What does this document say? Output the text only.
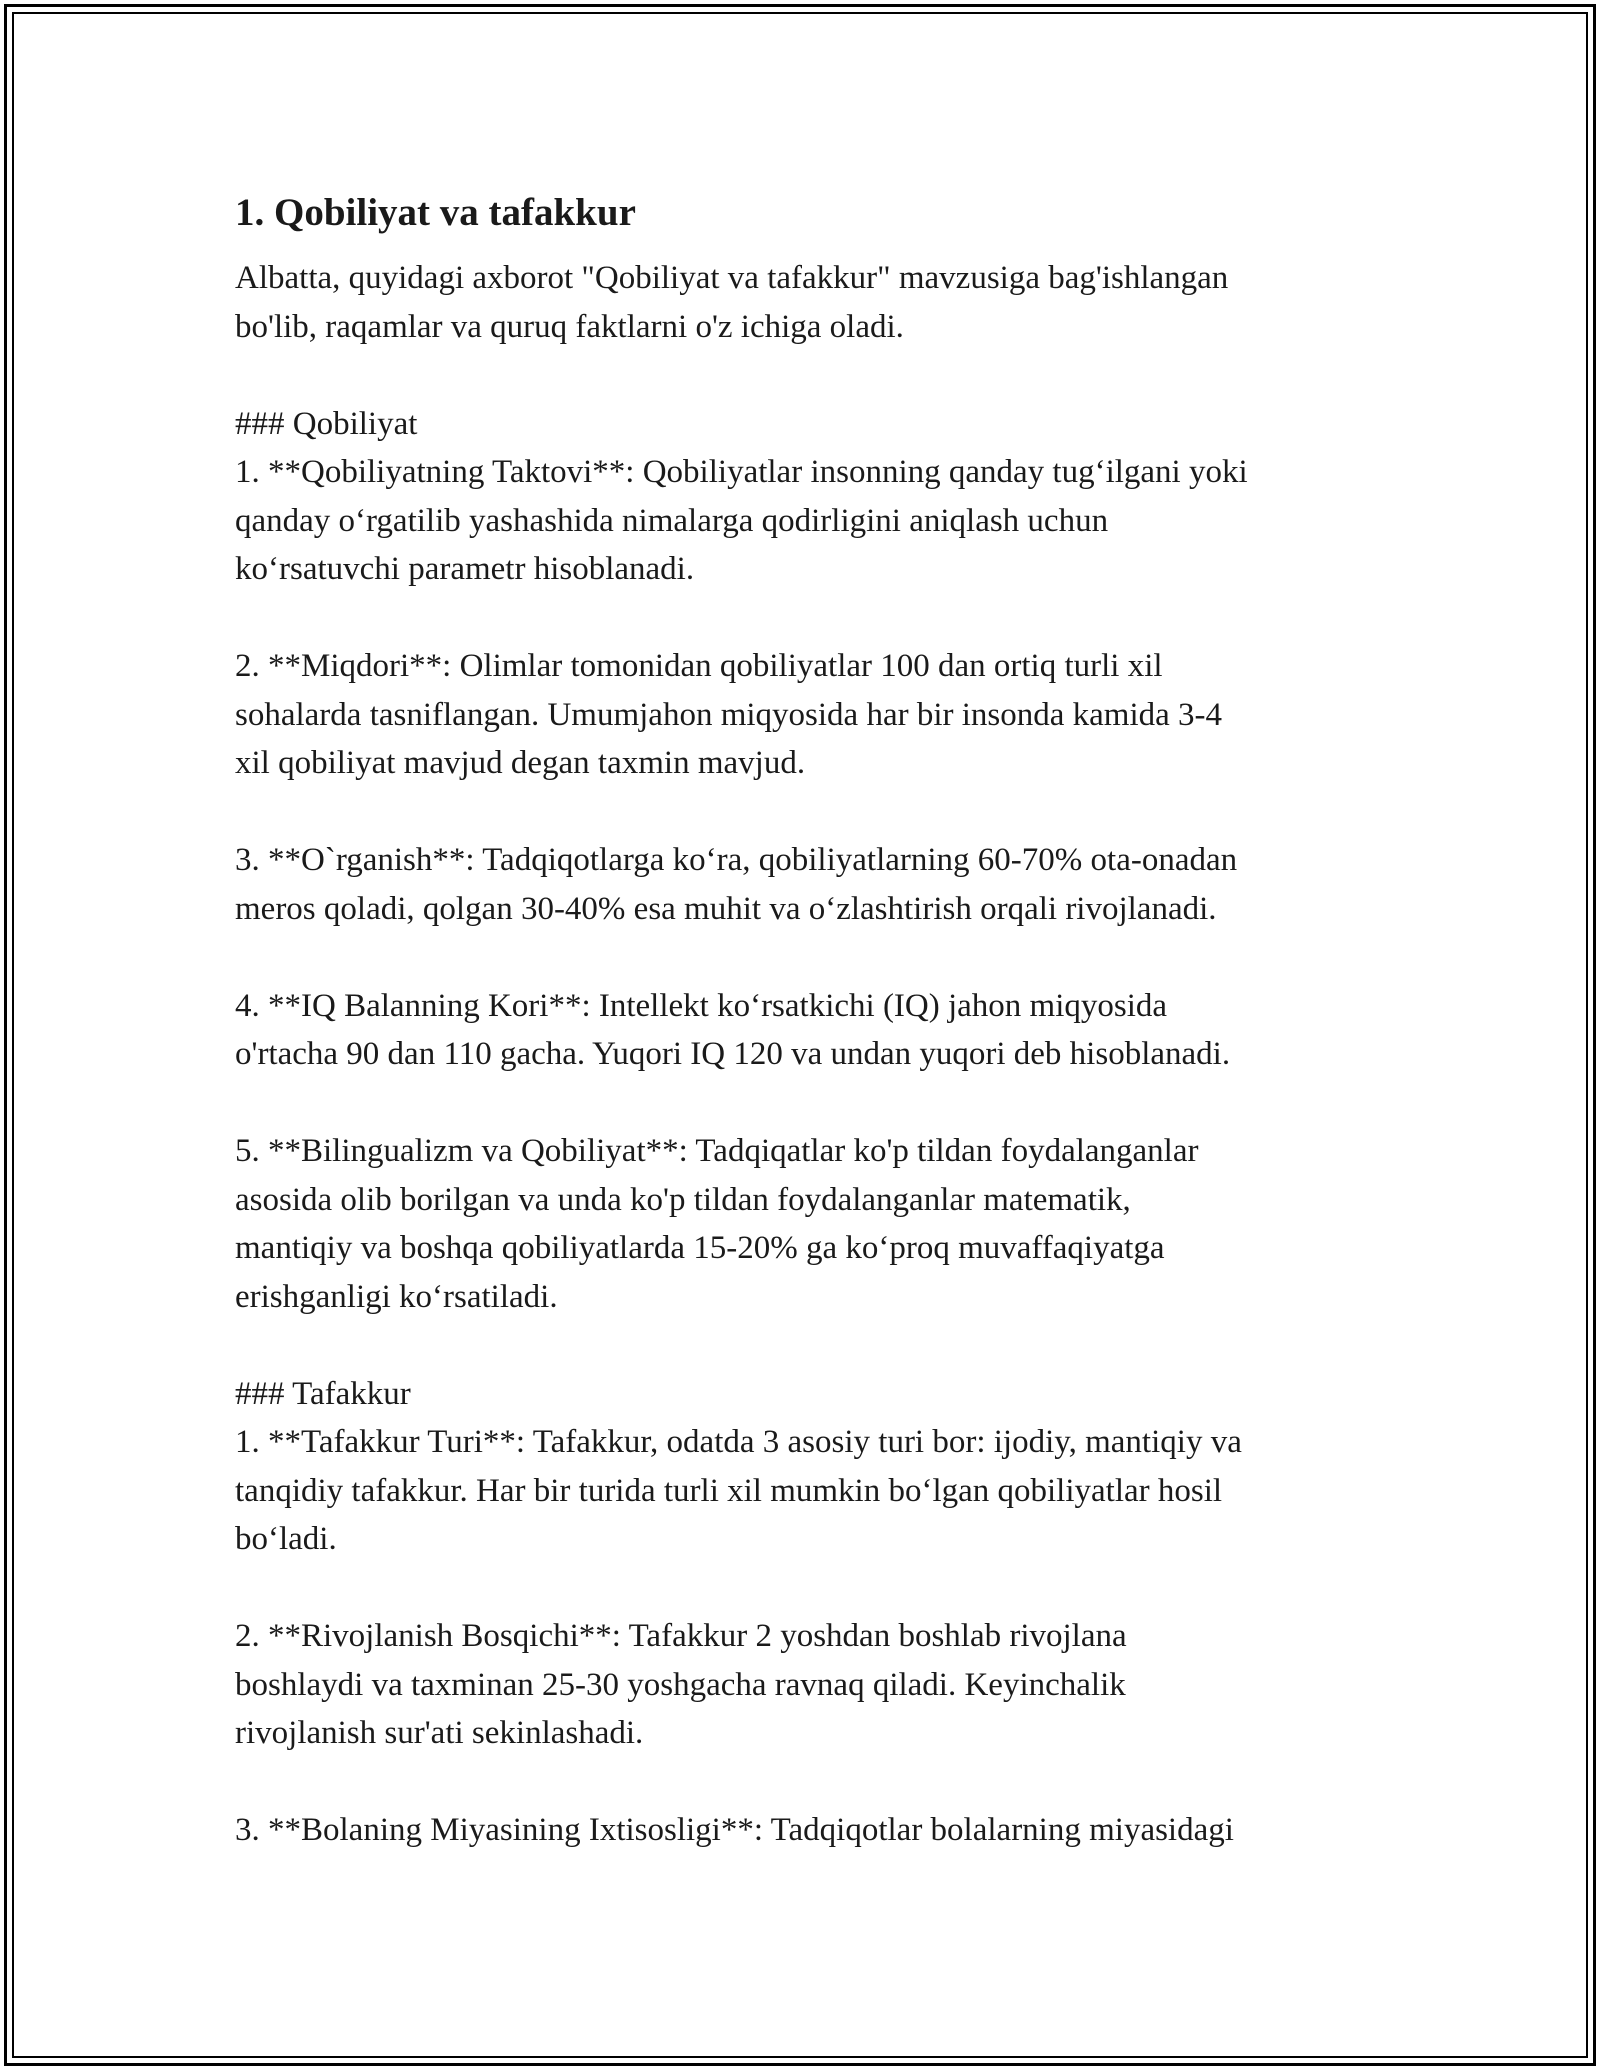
1. Qobiliyat va tafakkur
Albatta, quyidagi axborot "Qobiliyat va tafakkur" mavzusiga bag'ishlangan
bo'lib, raqamlar va quruq faktlarni o'z ichiga oladi.
### Qobiliyat
1. **Qobiliyatning Taktovi**: Qobiliyatlar insonning qanday tug‘ilgani yoki
qanday o‘rgatilib yashashida nimalarga qodirligini aniqlash uchun
ko‘rsatuvchi parametr hisoblanadi.
2. **Miqdori**: Olimlar tomonidan qobiliyatlar 100 dan ortiq turli xil
sohalarda tasniflangan. Umumjahon miqyosida har bir insonda kamida 3-4
xil qobiliyat mavjud degan taxmin mavjud.
3. **O`rganish**: Tadqiqotlarga ko‘ra, qobiliyatlarning 60-70% ota-onadan
meros qoladi, qolgan 30-40% esa muhit va o‘zlashtirish orqali rivojlanadi.
4. **IQ Balanning Kori**: Intellekt ko‘rsatkichi (IQ) jahon miqyosida
o'rtacha 90 dan 110 gacha. Yuqori IQ 120 va undan yuqori deb hisoblanadi.
5. **Bilingualizm va Qobiliyat**: Tadqiqatlar ko'p tildan foydalanganlar
asosida olib borilgan va unda ko'p tildan foydalanganlar matematik,
mantiqiy va boshqa qobiliyatlarda 15-20% ga ko‘proq muvaffaqiyatga
erishganligi ko‘rsatiladi.
### Tafakkur
1. **Tafakkur Turi**: Tafakkur, odatda 3 asosiy turi bor: ijodiy, mantiqiy va
tanqidiy tafakkur. Har bir turida turli xil mumkin bo‘lgan qobiliyatlar hosil
bo‘ladi.
2. **Rivojlanish Bosqichi**: Tafakkur 2 yoshdan boshlab rivojlana
boshlaydi va taxminan 25-30 yoshgacha ravnaq qiladi. Keyinchalik
rivojlanish sur'ati sekinlashadi.
3. **Bolaning Miyasining Ixtisosligi**: Tadqiqotlar bolalarning miyasidagi
